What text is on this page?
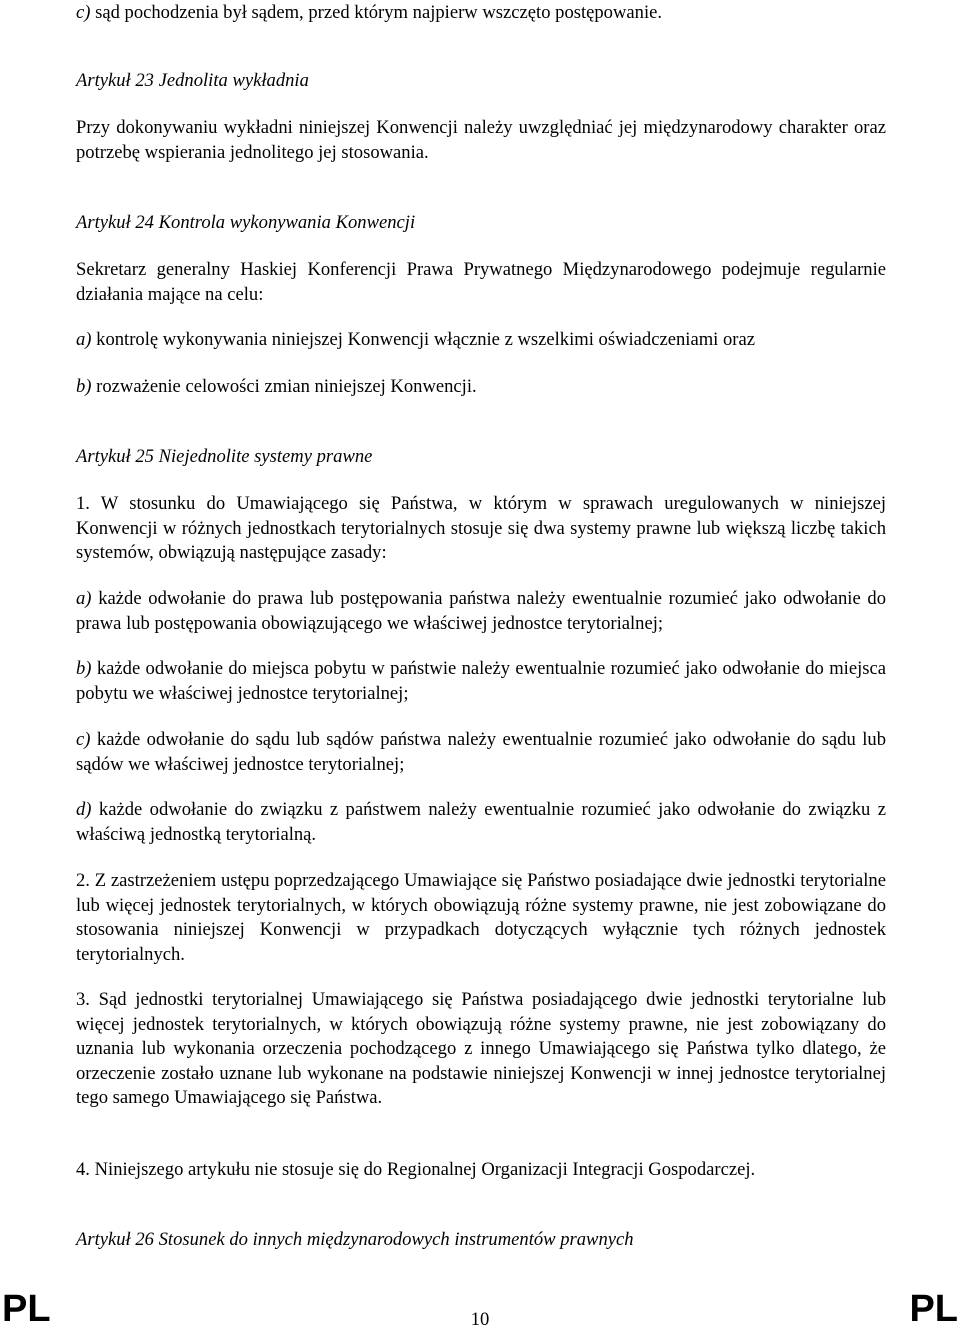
c) sąd pochodzenia był sądem, przed którym najpierw wszczęto postępowanie.

Artykuł 23 Jednolita wykładnia

Przy dokonywaniu wykładni niniejszej Konwencji należy uwzględniać jej międzynarodowy charakter oraz potrzebę wspierania jednolitego jej stosowania.

Artykuł 24 Kontrola wykonywania Konwencji

Sekretarz generalny Haskiej Konferencji Prawa Prywatnego Międzynarodowego podejmuje regularnie działania mające na celu:

a) kontrolę wykonywania niniejszej Konwencji włącznie z wszelkimi oświadczeniami oraz

b) rozważenie celowości zmian niniejszej Konwencji.

Artykuł 25 Niejednolite systemy prawne

1. W stosunku do Umawiającego się Państwa, w którym w sprawach uregulowanych w niniejszej Konwencji w różnych jednostkach terytorialnych stosuje się dwa systemy prawne lub większą liczbę takich systemów, obwiązują następujące zasady:

a) każde odwołanie do prawa lub postępowania państwa należy ewentualnie rozumieć jako odwołanie do prawa lub postępowania obowiązującego we właściwej jednostce terytorialnej;

b) każde odwołanie do miejsca pobytu w państwie należy ewentualnie rozumieć jako odwołanie do miejsca pobytu we właściwej jednostce terytorialnej;

c) każde odwołanie do sądu lub sądów państwa należy ewentualnie rozumieć jako odwołanie do sądu lub sądów we właściwej jednostce terytorialnej;

d) każde odwołanie do związku z państwem należy ewentualnie rozumieć jako odwołanie do związku z właściwą jednostką terytorialną.

2. Z zastrzeżeniem ustępu poprzedzającego Umawiające się Państwo posiadające dwie jednostki terytorialne lub więcej jednostek terytorialnych, w których obowiązują różne systemy prawne, nie jest zobowiązane do stosowania niniejszej Konwencji w przypadkach dotyczących wyłącznie tych różnych jednostek terytorialnych.

3. Sąd jednostki terytorialnej Umawiającego się Państwa posiadającego dwie jednostki terytorialne lub więcej jednostek terytorialnych, w których obowiązują różne systemy prawne, nie jest zobowiązany do uznania lub wykonania orzeczenia pochodzącego z innego Umawiającego się Państwa tylko dlatego, że orzeczenie zostało uznane lub wykonane na podstawie niniejszej Konwencji w innej jednostce terytorialnej tego samego Umawiającego się Państwa.

4. Niniejszego artykułu nie stosuje się do Regionalnej Organizacji Integracji Gospodarczej.

Artykuł 26 Stosunek do innych międzynarodowych instrumentów prawnych

PL	10	PL
